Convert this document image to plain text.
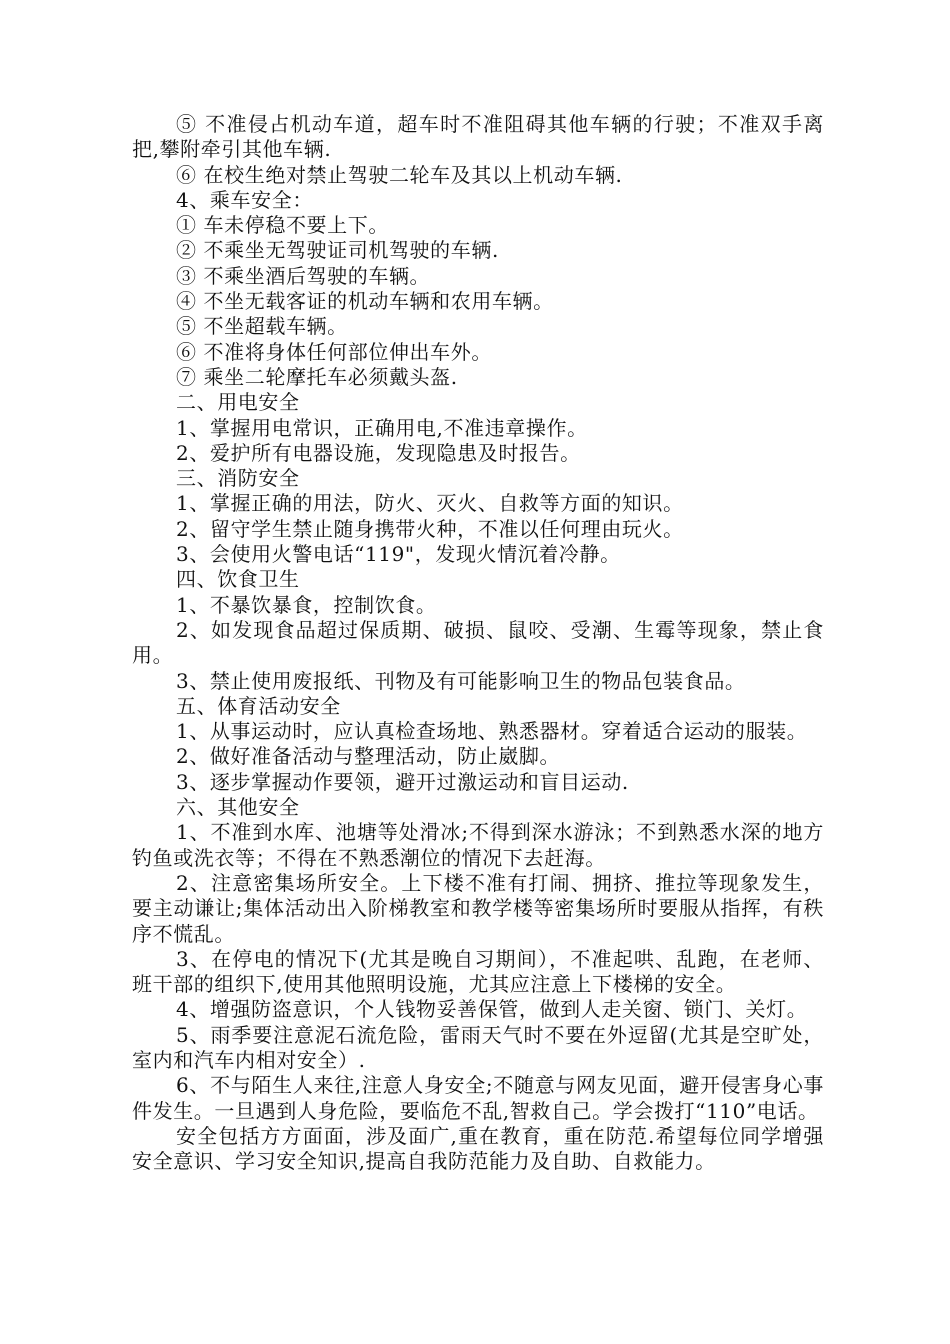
⑤ 不准侵占机动车道，超车时不准阻碍其他车辆的行驶；不准双手离把,攀附牵引其他车辆.

⑥ 在校生绝对禁止驾驶二轮车及其以上机动车辆.

4、乘车安全：

① 车未停稳不要上下。

② 不乘坐无驾驶证司机驾驶的车辆.

③ 不乘坐酒后驾驶的车辆。

④ 不坐无载客证的机动车辆和农用车辆。

⑤ 不坐超载车辆。

⑥ 不准将身体任何部位伸出车外。

⑦ 乘坐二轮摩托车必须戴头盔.

二、用电安全

1、掌握用电常识，正确用电,不准违章操作。

2、爱护所有电器设施，发现隐患及时报告。

三、消防安全

1、掌握正确的用法，防火、灭火、自救等方面的知识。

2、留守学生禁止随身携带火种，不准以任何理由玩火。

3、会使用火警电话“119"，发现火情沉着冷静。

四、饮食卫生

1、不暴饮暴食，控制饮食。

2、如发现食品超过保质期、破损、鼠咬、受潮、生霉等现象，禁止食用。

3、禁止使用废报纸、刊物及有可能影响卫生的物品包装食品。

五、体育活动安全

1、从事运动时，应认真检查场地、熟悉器材。穿着适合运动的服装。

2、做好准备活动与整理活动，防止崴脚。

3、逐步掌握动作要领，避开过激运动和盲目运动.

六、其他安全

1、不准到水库、池塘等处滑冰;不得到深水游泳；不到熟悉水深的地方钓鱼或洗衣等；不得在不熟悉潮位的情况下去赶海。

2、注意密集场所安全。上下楼不准有打闹、拥挤、推拉等现象发生，要主动谦让;集体活动出入阶梯教室和教学楼等密集场所时要服从指挥，有秩序不慌乱。

3、在停电的情况下(尤其是晚自习期间），不准起哄、乱跑，在老师、班干部的组织下,使用其他照明设施，尤其应注意上下楼梯的安全。

4、增强防盗意识，个人钱物妥善保管，做到人走关窗、锁门、关灯。

5、雨季要注意泥石流危险，雷雨天气时不要在外逗留(尤其是空旷处，室内和汽车内相对安全）.

6、不与陌生人来往,注意人身安全;不随意与网友见面，避开侵害身心事件发生。一旦遇到人身危险，要临危不乱,智救自己。学会拨打“110”电话。

安全包括方方面面，涉及面广,重在教育，重在防范.希望每位同学增强安全意识、学习安全知识,提高自我防范能力及自助、自救能力。
